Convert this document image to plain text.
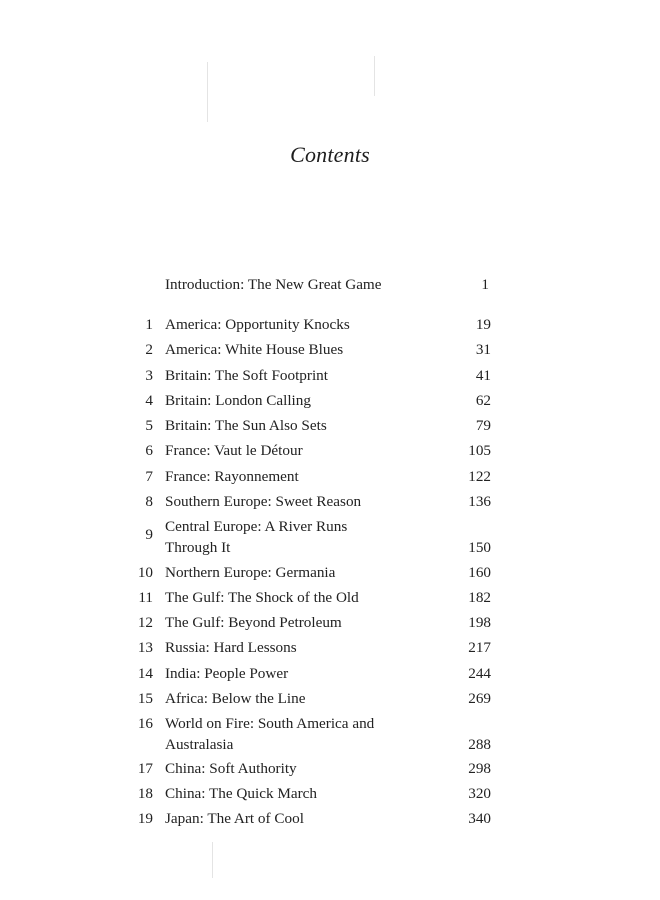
Contents
Introduction: The New Great Game	1
1 America: Opportunity Knocks	19
2 America: White House Blues	31
3 Britain: The Soft Footprint	41
4 Britain: London Calling	62
5 Britain: The Sun Also Sets	79
6 France: Vaut le Détour	105
7 France: Rayonnement	122
8 Southern Europe: Sweet Reason	136
9 Central Europe: A River Runs
Through It	150
10 Northern Europe: Germania	160
11 The Gulf: The Shock of the Old	182
12 The Gulf: Beyond Petroleum	198
13 Russia: Hard Lessons	217
14 India: People Power	244
15 Africa: Below the Line	269
16 World on Fire: South America and
Australasia	288
17 China: Soft Authority	298
18 China: The Quick March	320
19 Japan: The Art of Cool	340
